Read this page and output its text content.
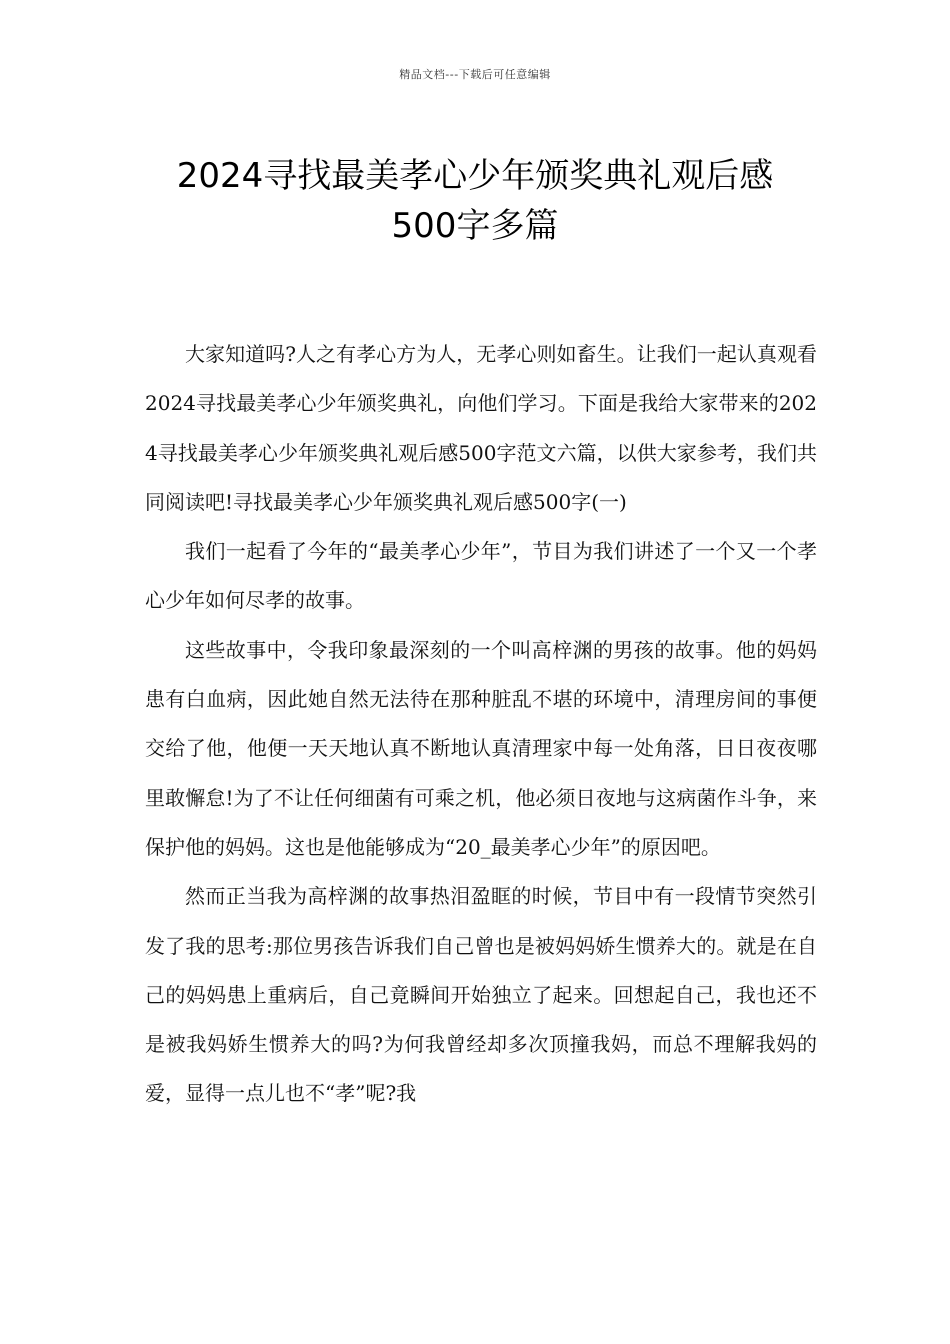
精品文档---下载后可任意编辑
2024寻找最美孝心少年颁奖典礼观后感
500字多篇

大家知道吗?人之有孝心方为人，无孝心则如畜生。让我们一起认真观看2024寻找最美孝心少年颁奖典礼，向他们学习。下面是我给大家带来的2024寻找最美孝心少年颁奖典礼观后感500字范文六篇，以供大家参考，我们共同阅读吧!寻找最美孝心少年颁奖典礼观后感500字(一)

我们一起看了今年的“最美孝心少年”，节目为我们讲述了一个又一个孝心少年如何尽孝的故事。

这些故事中，令我印象最深刻的一个叫高梓渊的男孩的故事。他的妈妈患有白血病，因此她自然无法待在那种脏乱不堪的环境中，清理房间的事便交给了他，他便一天天地认真不断地认真清理家中每一处角落，日日夜夜哪里敢懈怠!为了不让任何细菌有可乘之机，他必须日夜地与这病菌作斗争，来保护他的妈妈。这也是他能够成为“20_最美孝心少年”的原因吧。

然而正当我为高梓渊的故事热泪盈眶的时候，节目中有一段情节突然引发了我的思考:那位男孩告诉我们自己曾也是被妈妈娇生惯养大的。就是在自己的妈妈患上重病后，自己竟瞬间开始独立了起来。回想起自己，我也还不是被我妈娇生惯养大的吗?为何我曾经却多次顶撞我妈，而总不理解我妈的爱，显得一点儿也不“孝”呢?我
